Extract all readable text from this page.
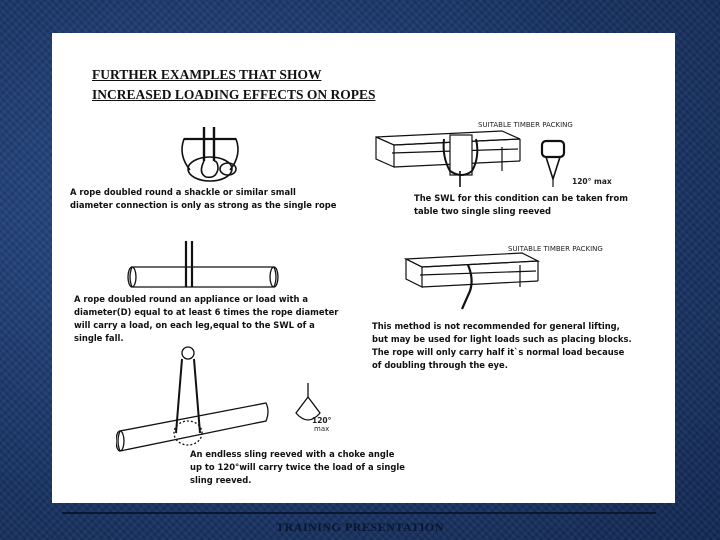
FURTHER EXAMPLES THAT SHOW
INCREASED LOADING EFFECTS ON ROPES

A rope doubled round a shackle or similar small
diameter connection is only as strong as the single rope

SUITABLE TIMBER PACKING
120° max

The SWL for this condition can be taken from
table two single sling reeved

A rope doubled round an appliance or load with a
diameter(D) equal to at least 6 times the rope diameter
will carry a load, on each leg,equal to the SWL of a
single fall.

SUITABLE TIMBER PACKING

This method is not recommended for general lifting,
but may be used for light loads such as placing blocks.
The rope will only carry half it`s normal load because
of doubling through the eye.

120°
max

An endless sling reeved with a choke angle
up to 120°will carry twice the load of a single
sling reeved.

TRAINING PRESENTATION
